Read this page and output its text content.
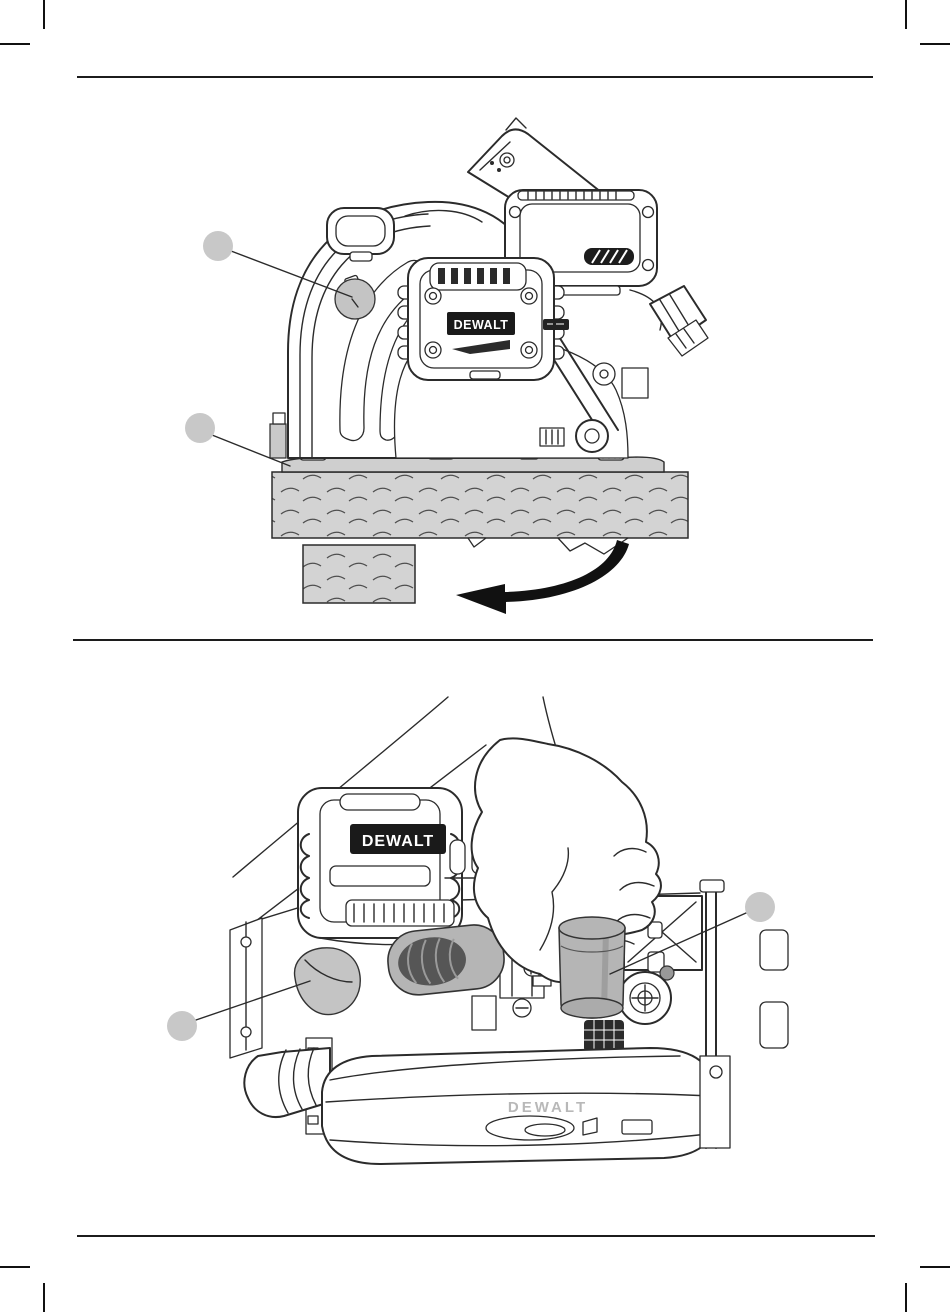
DEWALT
DEWALT
DEWALT
